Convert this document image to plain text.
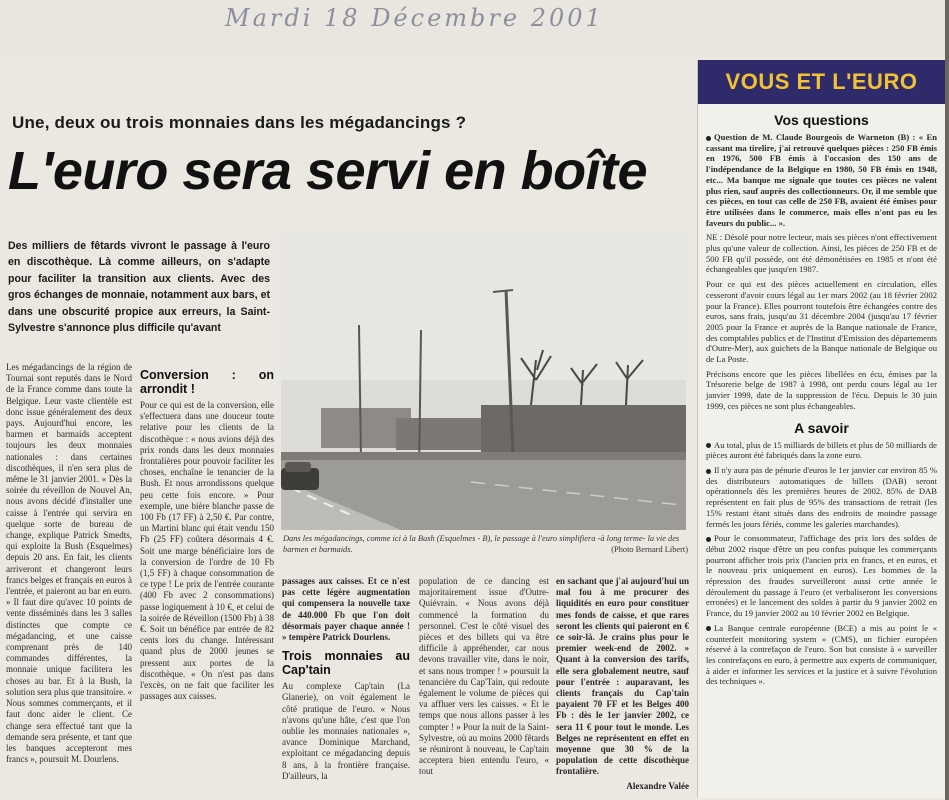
Mardi 18 Décembre 2001
Une, deux ou trois monnaies dans les mégadancings ?
L'euro sera servi en boîte
Des milliers de fêtards vivront le passage à l'euro en discothèque. Là comme ailleurs, on s'adapte pour faciliter la transition aux clients. Avec des gros échanges de monnaie, notamment aux bars, et dans une obscurité propice aux erreurs, la Saint-Sylvestre s'annonce plus difficile qu'avant
Les mégadancings de la région de Tournai sont reputés dans le Nord de la France comme dans toute la Belgique. Leur vaste clientèle est donc issue généralement des deux pays. Aujourd'hui encore, les barmen et barmaids acceptent toujours les deux monnaies nationales : dans certaines discothèques, il n'en sera plus de même le 31 janvier 2001. « Dès la soirée du réveillon de Nouvel An, nous avons décidé d'installer une caisse à l'entrée qui servira en quelque sorte de bureau de change, explique Patrick Smedts, qui exploite la Bush (Esquelmes) depuis 20 ans. En fait, les clients arriveront et changeront leurs francs belges et français en euros à l'entrée, et paieront au bar en euro. » Il faut dire qu'avec 10 points de vente disséminés dans les 3 salles distinctes que compte ce mégadancing, et une caisse comprenant près de 140 commandes différentes, la monnaie unique facilitera les choses au bar. Et à la Bush, la solution sera plus que transitoire. « Nous sommes commerçants, et il faut donc aider le client. Ce change sera effectué tant que la demande sera présente, et tant que les banques accepteront mes francs », poursuit M. Dourlens.
Conversion : on arrondit !
Pour ce qui est de la conversion, elle s'effectuera dans une douceur toute relative pour les clients de la discothèque : « nous avions déjà des prix ronds dans les deux monnaies frontalières pour pouvoir faciliter les choses, enchaîne le tenancier de la Bush. Et nous arrondissons quelque peu cette fois encore. » Pour exemple, une bière blanche passe de 100 Fb (17 FF) à 2,50 €. Par contre, un Martini blanc qui était vendu 150 Fb (25 FF) coûtera désormais 4 €. Soit une marge bénéficiaire lors de la conversion de l'ordre de 10 Fb (1,5 FF) à chaque consommation de ce type ! Le prix de l'entrée courante (400 Fb avec 2 consommations) passe logiquement à 10 €, et celui de la soirée de Réveillon (1500 Fb) à 38 €. Soit un bénéfice par entrée de 82 cents lors du change. Intéressant quand plus de 2000 jeunes se pressent aux portes de la discothèque. « On n'est pas dans l'excès, on ne fait que faciliter les passages aux caisses.
Dans les mégadancings, comme ici à la Bush (Esquelmes - B), le passage à l'euro simplifiera -à long terme- la vie des barmen et barmaids.	(Photo Bernard Libert)
passages aux caisses. Et ce n'est pas cette légère augmentation qui compensera la nouvelle taxe de 440.000 Fb que l'on doit désormais payer chaque année ! » tempère Patrick Dourlens.
Trois monnaies au Cap'tain
Au complexe Cap'tain (La Glanerie), on voit également le côté pratique de l'euro. « Nous n'avons qu'une hâte, c'est que l'on oublie les monnaies nationales », avance Dominique Marchand, exploitant ce mégadancing depuis 8 ans, à la frontière française. D'ailleurs, la
population de ce dancing est majoritairement issue d'Outre-Quiévrain. « Nous avons déjà commencé la formation du personnel. C'est le côté visuel des pièces et des billets qui va être difficile à appréhender, car nous devons travailler vite, dans le noir, et sans nous tromper ! » poursuit la tenancière du Cap'Tain, qui redoute également le volume de pièces qui va affluer vers les caisses. « Et le temps que nous allons passer à les compter ! » Pour la nuit de la Saint-Sylvestre, où au moins 2000 fêtards se réuniront à nouveau, le Cap'tain acceptera bien entendu l'euro, « tout
en sachant que j'ai aujourd'hui un mal fou à me procurer des liquidités en euro pour constituer mes fonds de caisse, et que rares seront les clients qui paieront en € ce soir-là. Je crains plus pour le premier week-end de 2002. » Quant à la conversion des tarifs, elle sera globalement neutre, sauf pour l'entrée : auparavant, les clients français du Cap'tain payaient 70 FF et les Belges 400 Fb : dès le 1er janvier 2002, ce sera 11 € pour tout le monde. Les Belges ne représentent en effet en moyenne que 30 % de la population de cette discothèque frontalière.
Alexandre Valée
VOUS ET L'EURO
Vos questions

Question de M. Claude Bourgeois de Warneton (B) : « En cassant ma tirelire, j'ai retrouvé quelques pièces : 250 FB émis en 1976, 500 FB émis à l'occasion des 150 ans de l'indépendance de la Belgique en 1980, 50 FB émis en 1948, etc... Ma banque me signale que toutes ces pièces ne valent plus rien, sauf auprès des collectionneurs. Or, il me semble que ces pièces, en tout cas celle de 250 FB, avaient été émises pour être utilisées dans le commerce, mais elles n'ont pas eu les faveurs du public... ».

NE : Désolé pour notre lecteur, mais ses pièces n'ont effectivement plus qu'une valeur de collection. Ainsi, les pièces de 250 FB et de 500 FB qu'il possède, ont été démonétisées en 1985 et n'ont été échangeables que jusqu'en 1987.

Pour ce qui est des pièces actuellement en circulation, elles cesseront d'avoir cours légal au 1er mars 2002 (au 18 février 2002 pour la France). Elles pourront toutefois être échangées contre des euros, sans frais, jusqu'au 31 décembre 2004 (jusqu'au 17 février 2005 pour la France et auprès de la Banque nationale de France, des comptables publics et de l'Institut d'Emission des départements d'Outre-Mer), aux guichets de la Banque nationale de Belgique ou de La Poste.

Précisons encore que les pièces libellées en écu, émises par la Trésorerie belge de 1987 à 1998, ont perdu cours légal au 1er janvier 1999, date de la suppression de l'écu. Depuis le 30 juin 1999, ces pièces ne sont plus échangeables.

A savoir

Au total, plus de 15 milliards de billets et plus de 50 milliards de pièces auront été fabriqués dans la zone euro.

Il n'y aura pas de pénurie d'euros le 1er janvier car environ 85 % des distributeurs automatiques de billets (DAB) seront opérationnels dès les premières heures de 2002. 85% de DAB représentent en fait plus de 95% des transactions de retrait (les 15% restant étant situés dans des endroits de moindre passage fermés les jours fériés, comme les galeries marchandes).

Pour le consommateur, l'affichage des prix lors des soldes de début 2002 risque d'être un peu confus puisque les commerçants pourront afficher trois prix (l'ancien prix en francs, et en euros, et le nouveau prix uniquement en euros). Les hommes de la répression des fraudes surveilleront aussi cette année le déroulement du passage à l'euro (et verbaliseront les conversions erronées) et le lancement des soldes à partir du 9 janvier 2002 en France, du 19 janvier 2002 au 10 février 2002 en Belgique.

La Banque centrale européenne (BCE) a mis au point le « counterfeit monitoring system » (CMS), un fichier européen réservé à la contrefaçon de l'euro. Son but consiste à « surveiller les contrefaçons en euro, à permettre aux experts de communiquer, à aider et informer les services et la justice et à suivre l'évolution des techniques ».
